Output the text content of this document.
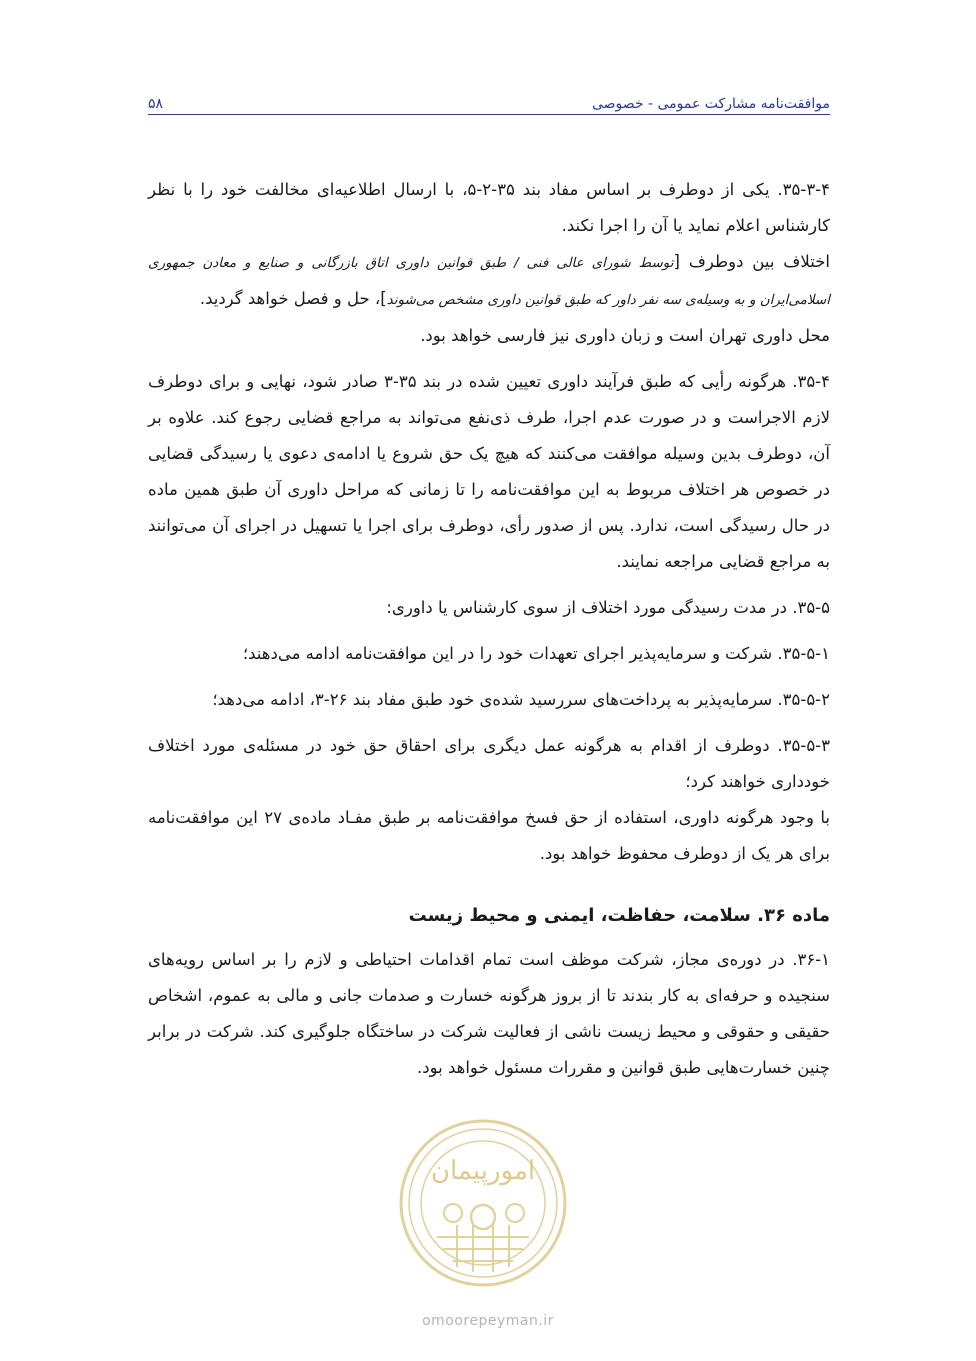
موافقت‌نامه مشارکت عمومی - خصوصی
۵۸

۳۵-۳-۴. یکی از دوطرف بر اساس مفاد بند ۳۵-۲-۵، با ارسال اطلاعیه‌ای مخالفت خود را با نظر کارشناس اعلام نماید یا آن را اجرا نکند.

اختلاف بین دوطرف [توسط شورای عالی فنی / طبق قوانین داوری اتاق بازرگانی و صنایع و معادن جمهوری اسلامی‌ایران و به وسیله‌ی سه نفر داور که طبق قوانین داوری مشخص می‌شوند]، حل و فصل خواهد گردید.

محل داوری تهران است و زبان داوری نیز فارسی خواهد بود.

۳۵-۴. هرگونه رأیی که طبق فرآیند داوری تعیین شده در بند ۳۵-۳ صادر شود، نهایی و برای دوطرف لازم الاجراست و در صورت عدم اجرا، طرف ذی‌نفع می‌تواند به مراجع قضایی رجوع کند. علاوه بر آن، دوطرف بدین وسیله موافقت می‌کنند که هیچ یک حق شروع یا ادامه‌ی دعوی یا رسیدگی قضایی در خصوص هر اختلاف مربوط به این موافقت‌نامه را تا زمانی که مراحل داوری آن طبق همین ماده در حال رسیدگی است، ندارد. پس از صدور رأی، دوطرف برای اجرا یا تسهیل در اجرای آن می‌توانند به مراجع قضایی مراجعه نمایند.

۳۵-۵. در مدت رسیدگی مورد اختلاف از سوی کارشناس یا داوری:

۳۵-۵-۱. شرکت و سرمایه‌پذیر اجرای تعهدات خود را در این موافقت‌نامه ادامه می‌دهند؛

۳۵-۵-۲. سرمایه‌پذیر به پرداخت‌های سررسید شده‌ی خود طبق مفاد بند ۲۶-۳، ادامه می‌دهد؛

۳۵-۵-۳. دوطرف از اقدام به هرگونه عمل دیگری برای احقاق حق خود در مسئله‌ی مورد اختلاف خودداری خواهند کرد؛

با وجود هرگونه داوری، استفاده از حق فسخ موافقت‌نامه بر طبق مفـاد ماده‌ی ۲۷ این موافقت‌نامه برای هر یک از دوطرف محفوظ خواهد بود.

ماده ۳۶. سلامت، حفاظت، ایمنی و محیط زیست

۳۶-۱. در دوره‌ی مجاز، شرکت موظف است تمام اقدامات احتیاطی و لازم را بر اساس رویه‌های سنجیده و حرفه‌ای به کار بندند تا از بروز هرگونه خسارت و صدمات جانی و مالی به عموم، اشخاص حقیقی و حقوقی و محیط زیست ناشی از فعالیت شرکت در ساختگاه جلوگیری کند. شرکت در برابر چنین خسارت‌هایی طبق قوانین و مقررات مسئول خواهد بود.

امورپیمان
omoorepeyman.ir
